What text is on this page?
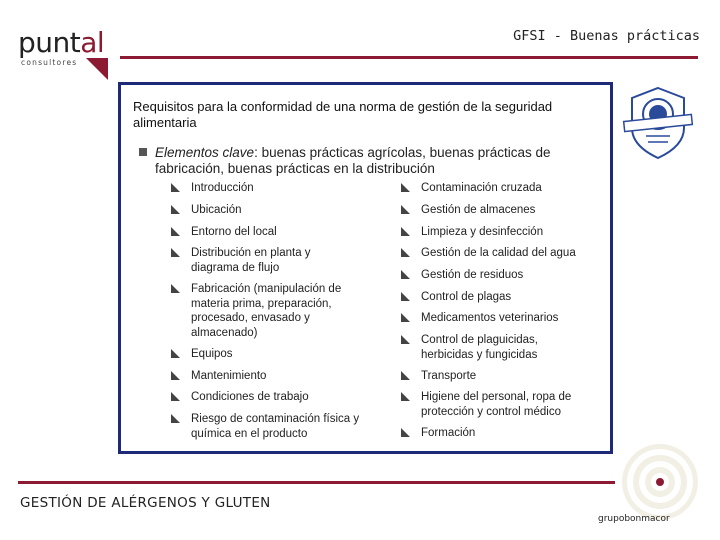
puntal
consultores
GFSI - Buenas prácticas
Requisitos para la conformidad de una norma de gestión de la seguridad alimentaria
Elementos clave: buenas prácticas agrícolas, buenas prácticas de fabricación, buenas prácticas en la distribución
Introducción
Ubicación
Entorno del local
Distribución en planta y diagrama de flujo
Fabricación (manipulación de materia prima, preparación, procesado, envasado y almacenado)
Equipos
Mantenimiento
Condiciones de trabajo
Riesgo de contaminación física y química en el producto
Contaminación cruzada
Gestión de almacenes
Limpieza y desinfección
Gestión de la calidad del agua
Gestión de residuos
Control de plagas
Medicamentos veterinarios
Control de plaguicidas, herbicidas y fungicidas
Transporte
Higiene del personal, ropa de protección y control médico
Formación
GESTIÓN DE ALÉRGENOS Y GLUTEN
grupobonmacor
